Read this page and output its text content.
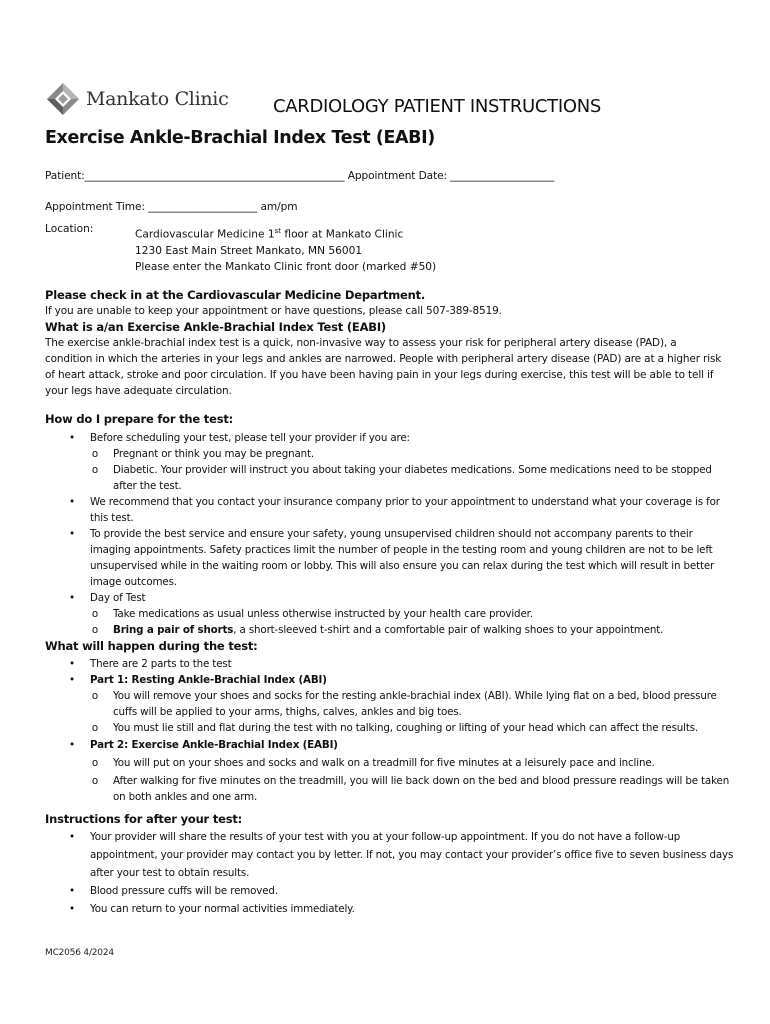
Mankato Clinic CARDIOLOGY PATIENT INSTRUCTIONS
Exercise Ankle-Brachial Index Test (EABI)
Patient:__________________________________________________ Appointment Date: ____________________
Appointment Time: _____________________ am/pm
Location:	Cardiovascular Medicine 1st floor at Mankato Clinic
1230 East Main Street Mankato, MN 56001
Please enter the Mankato Clinic front door (marked #50)
Please check in at the Cardiovascular Medicine Department.
If you are unable to keep your appointment or have questions, please call 507-389-8519.
What is a/an Exercise Ankle-Brachial Index Test (EABI)
The exercise ankle-brachial index test is a quick, non-invasive way to assess your risk for peripheral artery disease (PAD), a condition in which the arteries in your legs and ankles are narrowed. People with peripheral artery disease (PAD) are at a higher risk of heart attack, stroke and poor circulation. If you have been having pain in your legs during exercise, this test will be able to tell if your legs have adequate circulation.
How do I prepare for the test:
• Before scheduling your test, please tell your provider if you are:
o Pregnant or think you may be pregnant.
o Diabetic. Your provider will instruct you about taking your diabetes medications. Some medications need to be stopped after the test.
• We recommend that you contact your insurance company prior to your appointment to understand what your coverage is for this test.
• To provide the best service and ensure your safety, young unsupervised children should not accompany parents to their imaging appointments. Safety practices limit the number of people in the testing room and young children are not to be left unsupervised while in the waiting room or lobby. This will also ensure you can relax during the test which will result in better image outcomes.
• Day of Test
o Take medications as usual unless otherwise instructed by your health care provider.
o Bring a pair of shorts, a short-sleeved t-shirt and a comfortable pair of walking shoes to your appointment.
What will happen during the test:
• There are 2 parts to the test
• Part 1: Resting Ankle-Brachial Index (ABI)
o You will remove your shoes and socks for the resting ankle-brachial index (ABI). While lying flat on a bed, blood pressure cuffs will be applied to your arms, thighs, calves, ankles and big toes.
o You must lie still and flat during the test with no talking, coughing or lifting of your head which can affect the results.
• Part 2: Exercise Ankle-Brachial Index (EABI)
o You will put on your shoes and socks and walk on a treadmill for five minutes at a leisurely pace and incline.
o After walking for five minutes on the treadmill, you will lie back down on the bed and blood pressure readings will be taken on both ankles and one arm.
Instructions for after your test:
• Your provider will share the results of your test with you at your follow-up appointment. If you do not have a follow-up appointment, your provider may contact you by letter. If not, you may contact your provider’s office five to seven business days after your test to obtain results.
• Blood pressure cuffs will be removed.
• You can return to your normal activities immediately.
MC2056 4/2024
